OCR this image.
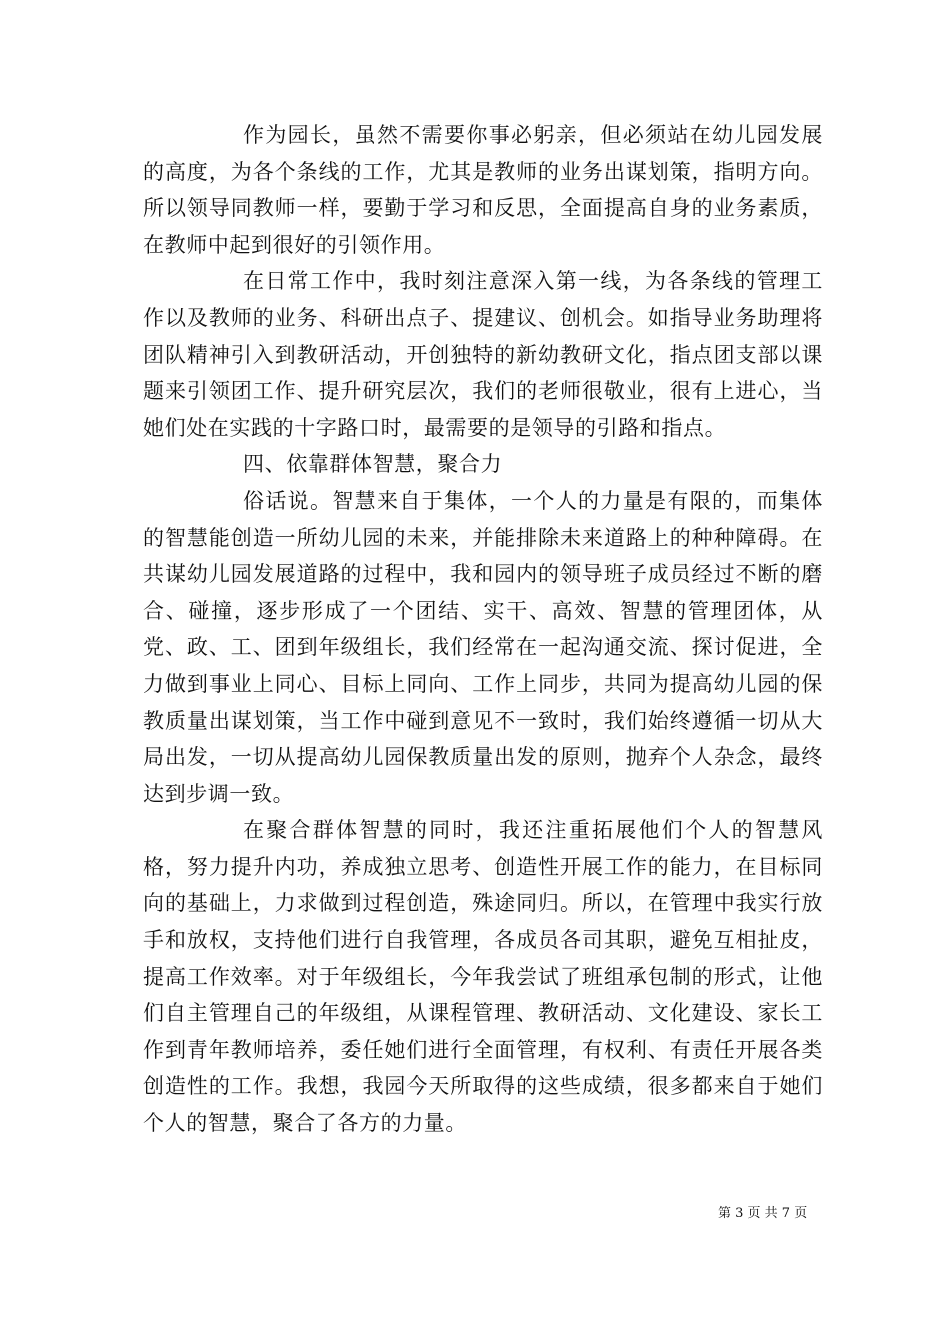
作为园长，虽然不需要你事必躬亲，但必须站在幼儿园发展的高度，为各个条线的工作，尤其是教师的业务出谋划策，指明方向。所以领导同教师一样，要勤于学习和反思，全面提高自身的业务素质，在教师中起到很好的引领作用。

在日常工作中，我时刻注意深入第一线，为各条线的管理工作以及教师的业务、科研出点子、提建议、创机会。如指导业务助理将团队精神引入到教研活动，开创独特的新幼教研文化，指点团支部以课题来引领团工作、提升研究层次，我们的老师很敬业，很有上进心，当她们处在实践的十字路口时，最需要的是领导的引路和指点。

四、依靠群体智慧，聚合力

俗话说。智慧来自于集体，一个人的力量是有限的，而集体的智慧能创造一所幼儿园的未来，并能排除未来道路上的种种障碍。在共谋幼儿园发展道路的过程中，我和园内的领导班子成员经过不断的磨合、碰撞，逐步形成了一个团结、实干、高效、智慧的管理团体，从党、政、工、团到年级组长，我们经常在一起沟通交流、探讨促进，全力做到事业上同心、目标上同向、工作上同步，共同为提高幼儿园的保教质量出谋划策，当工作中碰到意见不一致时，我们始终遵循一切从大局出发，一切从提高幼儿园保教质量出发的原则，抛弃个人杂念，最终达到步调一致。

在聚合群体智慧的同时，我还注重拓展他们个人的智慧风格，努力提升内功，养成独立思考、创造性开展工作的能力，在目标同向的基础上，力求做到过程创造，殊途同归。所以，在管理中我实行放手和放权，支持他们进行自我管理，各成员各司其职，避免互相扯皮，提高工作效率。对于年级组长，今年我尝试了班组承包制的形式，让他们自主管理自己的年级组，从课程管理、教研活动、文化建设、家长工作到青年教师培养，委任她们进行全面管理，有权利、有责任开展各类创造性的工作。我想，我园今天所取得的这些成绩，很多都来自于她们个人的智慧，聚合了各方的力量。

第 3 页 共 7 页
